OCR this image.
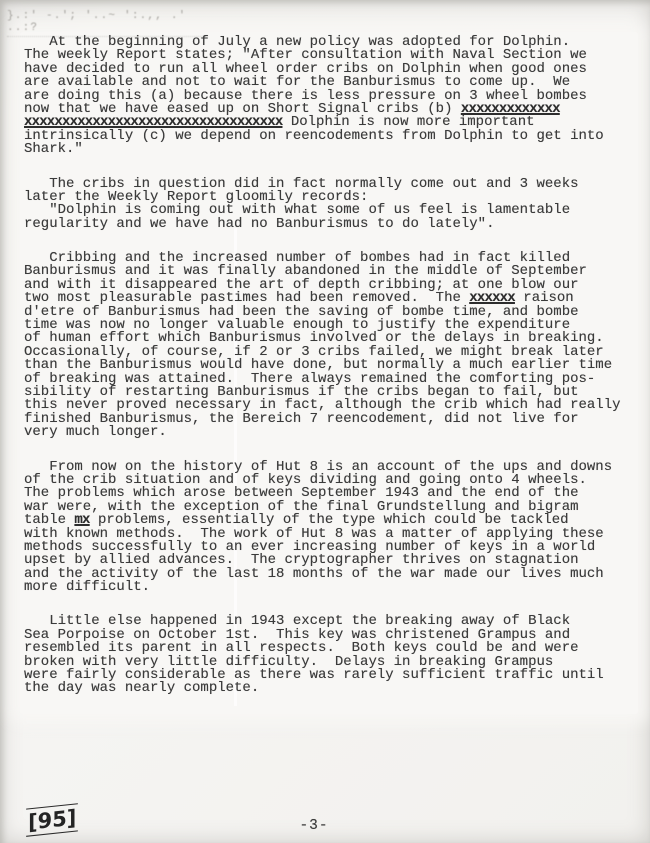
}.:' -.'; '..~ ':.,, .' ..:?
At the beginning of July a new policy was adopted for Dolphin.
The weekly Report states; "After consultation with Naval Section we
have decided to run all wheel order cribs on Dolphin when good ones
are available and not to wait for the Banburismus to come up.  We
are doing this (a) because there is less pressure on 3 wheel bombes
now that we have eased up on Short Signal cribs (b) xxxxxxxxxxxxx
xxxxxxxxxxxxxxxxxxxxxxxxxxxxxxxxxx Dolphin is now more important
intrinsically (c) we depend on reencodements from Dolphin to get into
Shark."
The cribs in question did in fact normally come out and 3 weeks
later the Weekly Report gloomily records:
"Dolphin is coming out with what some of us feel is lamentable
regularity and we have had no Banburismus to do lately".
Cribbing and the increased number of bombes had in fact killed
Banburismus and it was finally abandoned in the middle of September
and with it disappeared the art of depth cribbing; at one blow our
two most pleasurable pastimes had been removed.  The xxxxxx raison
d'etre of Banburismus had been the saving of bombe time, and bombe
time was now no longer valuable enough to justify the expenditure
of human effort which Banburismus involved or the delays in breaking.
Occasionally, of course, if 2 or 3 cribs failed, we might break later
than the Banburismus would have done, but normally a much earlier time
of breaking was attained.  There always remained the comforting pos-
sibility of restarting Banburismus if the cribs began to fail, but
this never proved necessary in fact, although the crib which had really
finished Banburismus, the Bereich 7 reencodement, did not live for
very much longer.
From now on the history of Hut 8 is an account of the ups and downs
of the crib situation and of keys dividing and going onto 4 wheels.
The problems which arose between September 1943 and the end of the
war were, with the exception of the final Grundstellung and bigram
table mx problems, essentially of the type which could be tackled
with known methods.  The work of Hut 8 was a matter of applying these
methods successfully to an ever increasing number of keys in a world
upset by allied advances.  The cryptographer thrives on stagnation
and the activity of the last 18 months of the war made our lives much
more difficult.
Little else happened in 1943 except the breaking away of Black
Sea Porpoise on October 1st.  This key was christened Grampus and
resembled its parent in all respects.  Both keys could be and were
broken with very little difficulty.  Delays in breaking Grampus
were fairly considerable as there was rarely sufficient traffic until
the day was nearly complete.
[95]	-3-
